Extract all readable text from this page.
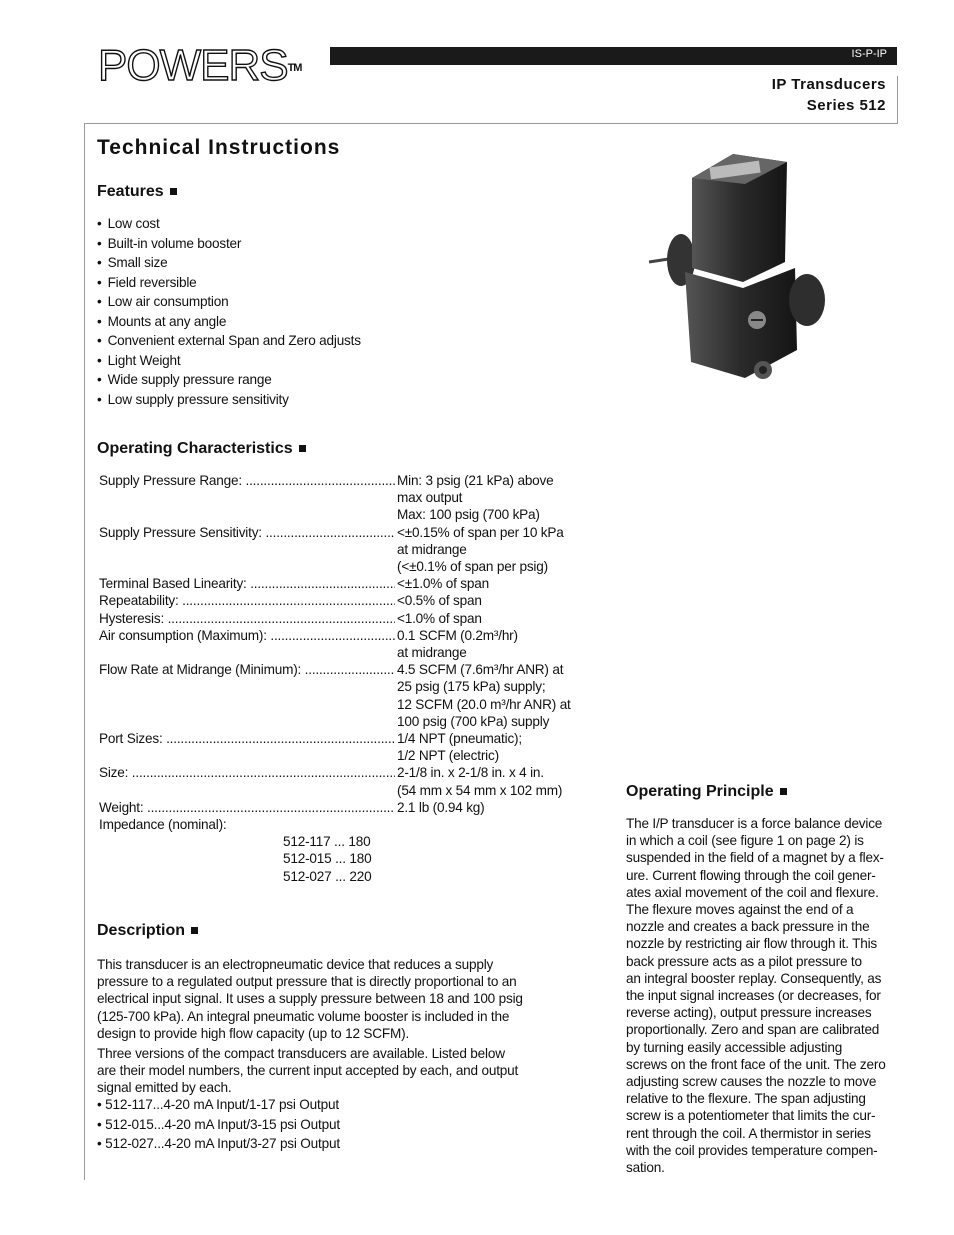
POWERS™
IS-P-IP
IP Transducers
Series 512
Technical Instructions
Features
• Low cost
• Built-in volume booster
• Small size
• Field reversible
• Low air consumption
• Mounts at any angle
• Convenient external Span and Zero adjusts
• Light Weight
• Wide supply pressure range
• Low supply pressure sensitivity
Operating Characteristics
Supply Pressure Range: .....	Min: 3 psig (21 kPa) above
max output
Max: 100 psig (700 kPa)
Supply Pressure Sensitivity: .....	<±0.15% of span per 10 kPa
at midrange
(<±0.1% of span per psig)
Terminal Based Linearity: .....	<±1.0% of span
Repeatability: .....	<0.5% of span
Hysteresis: .....	<1.0% of span
Air consumption (Maximum): .....	0.1 SCFM (0.2m³/hr)
at midrange
Flow Rate at Midrange (Minimum): .....	4.5 SCFM (7.6m³/hr ANR) at
25 psig (175 kPa) supply;
12 SCFM (20.0 m³/hr ANR) at
100 psig (700 kPa) supply
Port Sizes: .....	1/4 NPT (pneumatic);
1/2 NPT (electric)
Size: .....	2-1/8 in. x 2-1/8 in. x 4 in.
(54 mm x 54 mm x 102 mm)
Weight: .....	2.1 lb (0.94 kg)
Impedance (nominal):
512-117 ... 180
512-015 ... 180
512-027 ... 220
Description
This transducer is an electropneumatic device that reduces a supply
pressure to a regulated output pressure that is directly proportional to an
electrical input signal. It uses a supply pressure between 18 and 100 psig
(125-700 kPa). An integral pneumatic volume booster is included in the
design to provide high flow capacity (up to 12 SCFM).
Three versions of the compact transducers are available. Listed below
are their model numbers, the current input accepted by each, and output
signal emitted by each.
• 512-117...4-20 mA Input/1-17 psi Output
• 512-015...4-20 mA Input/3-15 psi Output
• 512-027...4-20 mA Input/3-27 psi Output
Operating Principle
The I/P transducer is a force balance device
in which a coil (see figure 1 on page 2) is
suspended in the field of a magnet by a flex-
ure. Current flowing through the coil gener-
ates axial movement of the coil and flexure.
The flexure moves against the end of a
nozzle and creates a back pressure in the
nozzle by restricting air flow through it. This
back pressure acts as a pilot pressure to
an integral booster replay. Consequently, as
the input signal increases (or decreases, for
reverse acting), output pressure increases
proportionally. Zero and span are calibrated
by turning easily accessible adjusting
screws on the front face of the unit. The zero
adjusting screw causes the nozzle to move
relative to the flexure. The span adjusting
screw is a potentiometer that limits the cur-
rent through the coil. A thermistor in series
with the coil provides temperature compen-
sation.
